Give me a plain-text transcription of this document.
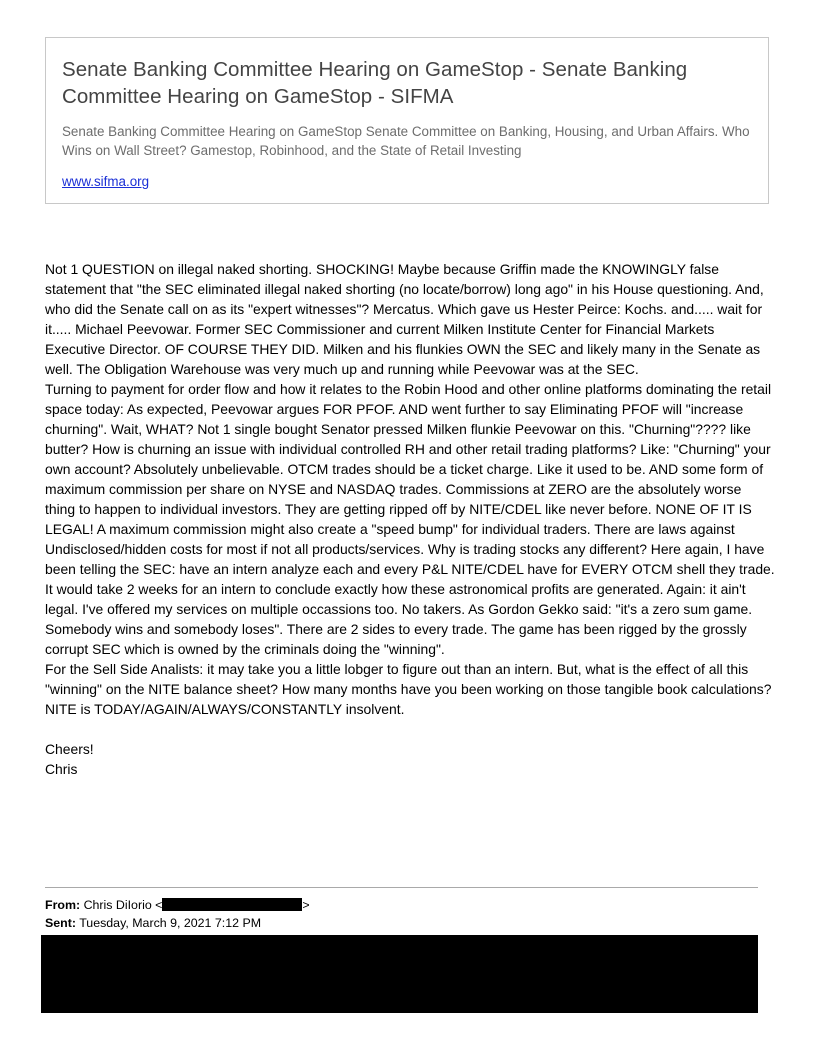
Senate Banking Committee Hearing on GameStop - Senate Banking Committee Hearing on GameStop - SIFMA
Senate Banking Committee Hearing on GameStop Senate Committee on Banking, Housing, and Urban Affairs. Who Wins on Wall Street? Gamestop, Robinhood, and the State of Retail Investing
www.sifma.org

Not 1 QUESTION on illegal naked shorting. SHOCKING! Maybe because Griffin made the KNOWINGLY false statement that "the SEC eliminated illegal naked shorting (no locate/borrow) long ago" in his House questioning. And, who did the Senate call on as its "expert witnesses"? Mercatus. Which gave us Hester Peirce: Kochs. and..... wait for it..... Michael Peevowar. Former SEC Commissioner and current Milken Institute Center for Financial Markets Executive Director. OF COURSE THEY DID. Milken and his flunkies OWN the SEC and likely many in the Senate as well. The Obligation Warehouse was very much up and running while Peevowar was at the SEC.

Turning to payment for order flow and how it relates to the Robin Hood and other online platforms dominating the retail space today: As expected, Peevowar argues FOR PFOF. AND went further to say Eliminating PFOF will "increase churning". Wait, WHAT? Not 1 single bought Senator pressed Milken flunkie Peevowar on this. "Churning"???? like butter? How is churning an issue with individual controlled RH and other retail trading platforms? Like: "Churning" your own account? Absolutely unbelievable. OTCM trades should be a ticket charge. Like it used to be. AND some form of maximum commission per share on NYSE and NASDAQ trades. Commissions at ZERO are the absolutely worse thing to happen to individual investors. They are getting ripped off by NITE/CDEL like never before. NONE OF IT IS LEGAL! A maximum commission might also create a "speed bump" for individual traders. There are laws against Undisclosed/hidden costs for most if not all products/services. Why is trading stocks any different? Here again, I have been telling the SEC: have an intern analyze each and every P&L NITE/CDEL have for EVERY OTCM shell they trade. It would take 2 weeks for an intern to conclude exactly how these astronomical profits are generated. Again: it ain't legal. I've offered my services on multiple occassions too. No takers. As Gordon Gekko said: "it's a zero sum game. Somebody wins and somebody loses". There are 2 sides to every trade. The game has been rigged by the grossly corrupt SEC which is owned by the criminals doing the "winning".

For the Sell Side Analists: it may take you a little lobger to figure out than an intern. But, what is the effect of all this "winning" on the NITE balance sheet? How many months have you been working on those tangible book calculations? NITE is TODAY/AGAIN/ALWAYS/CONSTANTLY insolvent.

Cheers!

Chris

From: Chris DiIorio <	>
Sent: Tuesday, March 9, 2021 7:12 PM
